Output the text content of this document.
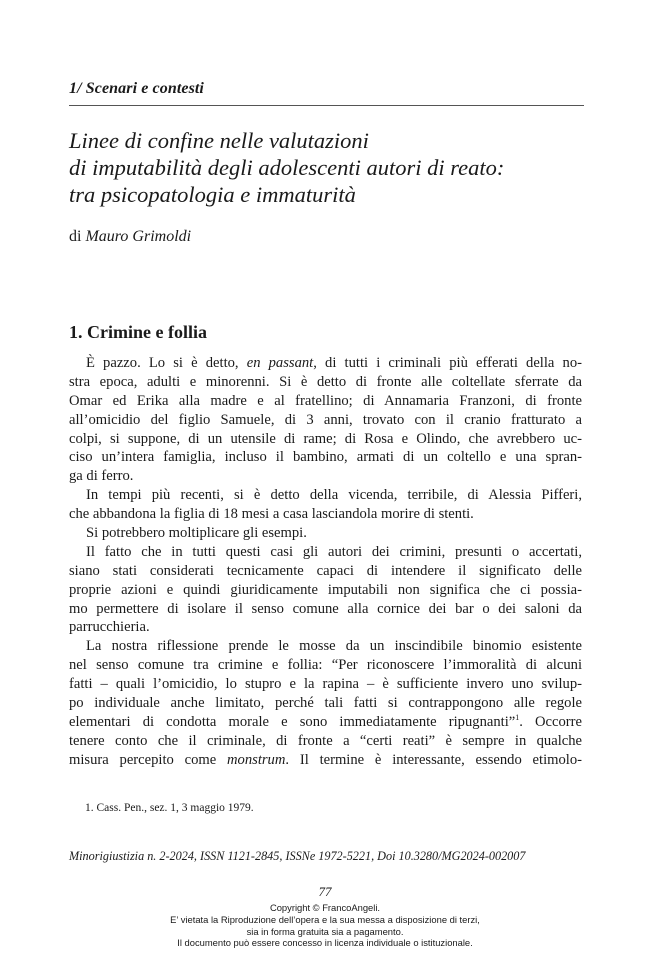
1/ Scenari e contesti
Linee di confine nelle valutazioni
di imputabilità degli adolescenti autori di reato:
tra psicopatologia e immaturità
di Mauro Grimoldi
1. Crimine e follia
È pazzo. Lo si è detto, en passant, di tutti i criminali più efferati della no-
stra epoca, adulti e minorenni. Si è detto di fronte alle coltellate sferrate da
Omar ed Erika alla madre e al fratellino; di Annamaria Franzoni, di fronte
all’omicidio del figlio Samuele, di 3 anni, trovato con il cranio fratturato a
colpi, si suppone, di un utensile di rame; di Rosa e Olindo, che avrebbero uc-
ciso un’intera famiglia, incluso il bambino, armati di un coltello e una spran-
ga di ferro.
In tempi più recenti, si è detto della vicenda, terribile, di Alessia Pifferi,
che abbandona la figlia di 18 mesi a casa lasciandola morire di stenti.
Si potrebbero moltiplicare gli esempi.
Il fatto che in tutti questi casi gli autori dei crimini, presunti o accertati,
siano stati considerati tecnicamente capaci di intendere il significato delle
proprie azioni e quindi giuridicamente imputabili non significa che ci possia-
mo permettere di isolare il senso comune alla cornice dei bar o dei saloni da
parrucchieria.
La nostra riflessione prende le mosse da un inscindibile binomio esistente
nel senso comune tra crimine e follia: “Per riconoscere l’immoralità di alcuni
fatti – quali l’omicidio, lo stupro e la rapina – è sufficiente invero uno svilup-
po individuale anche limitato, perché tali fatti si contrappongono alle regole
elementari di condotta morale e sono immediatamente ripugnanti”$^1$. Occorre
tenere conto che il criminale, di fronte a “certi reati” è sempre in qualche
misura percepito come monstrum. Il termine è interessante, essendo etimolo-
1. Cass. Pen., sez. 1, 3 maggio 1979.
Minorigiustizia n. 2-2024, ISSN 1121-2845, ISSNe 1972-5221, Doi 10.3280/MG2024-002007
77
Copyright © FrancoAngeli.
E’ vietata la Riproduzione dell’opera e la sua messa a disposizione di terzi,
sia in forma gratuita sia a pagamento.
Il documento può essere concesso in licenza individuale o istituzionale.
